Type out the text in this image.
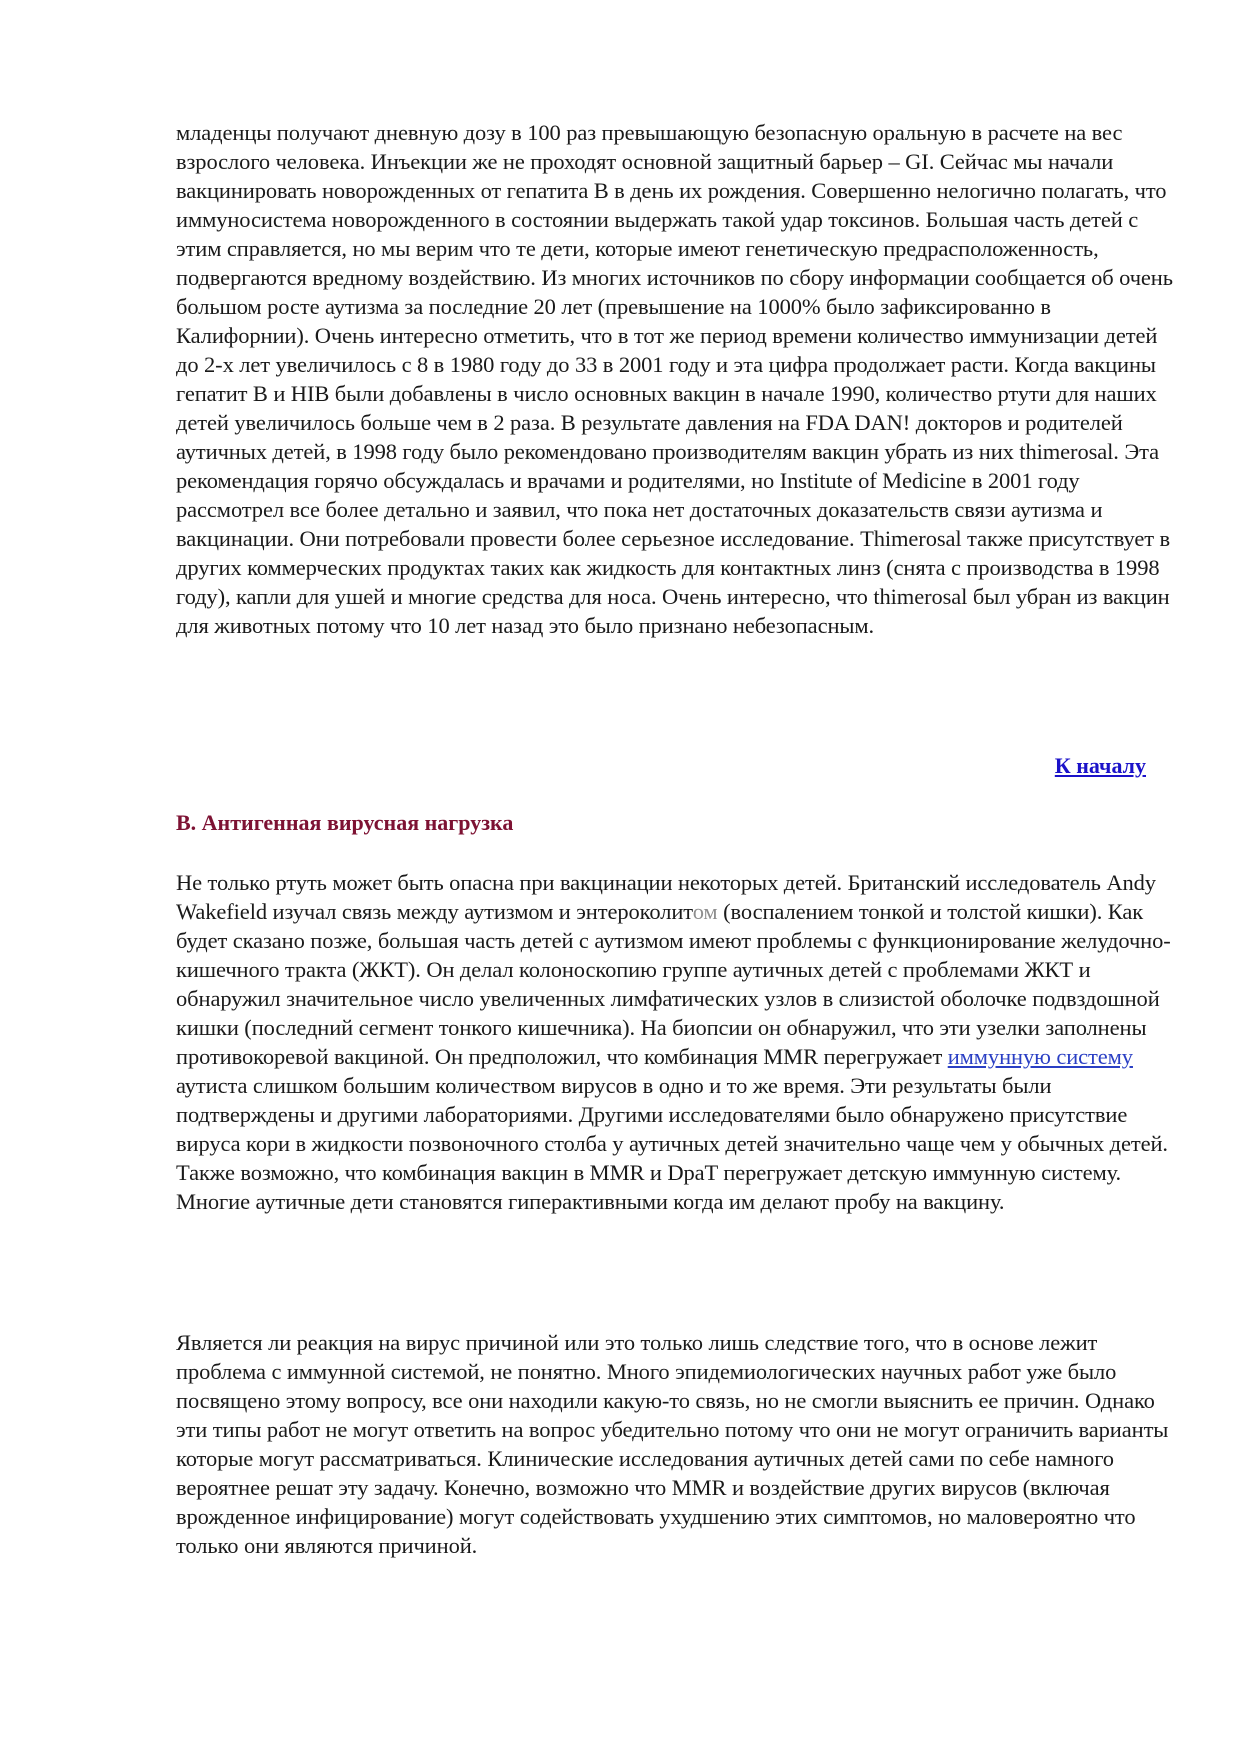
младенцы получают дневную дозу в 100 раз превышающую безопасную оральную в расчете на вес взрослого человека. Инъекции же не проходят основной защитный барьер – GI. Сейчас мы начали вакцинировать новорожденных от гепатита B в день их рождения. Совершенно нелогично полагать, что иммуносистема новорожденного в состоянии выдержать такой удар токсинов. Большая часть детей с этим справляется, но мы верим что те дети, которые имеют генетическую предрасположенность, подвергаются вредному воздействию. Из многих источников по сбору информации сообщается об очень большом росте аутизма за последние 20 лет (превышение на 1000% было зафиксированно в Калифорнии). Очень интересно отметить, что в тот же период времени количество иммунизации детей до 2-х лет увеличилось с 8 в 1980 году до 33 в 2001 году и эта цифра продолжает расти. Когда вакцины гепатит B и HIB были добавлены в число основных вакцин в начале 1990, количество ртути для наших детей увеличилось больше чем в 2 раза. В результате давления на FDA DAN! докторов и родителей аутичных детей, в 1998 году было рекомендовано производителям вакцин убрать из них thimerosal. Эта рекомендация горячо обсуждалась и врачами и родителями, но Institute of Medicine в 2001 году рассмотрел все более детально и заявил, что пока нет достаточных доказательств связи аутизма и вакцинации. Они потребовали провести более серьезное исследование. Thimerosal также присутствует в других коммерческих продуктах таких как жидкость для контактных линз (снята с производства в 1998 году), капли для ушей и многие средства для носа. Очень интересно, что thimerosal был убран из вакцин для животных потому что 10 лет назад это было признано небезопасным.

К началу
B. Антигенная вирусная нагрузка

Не только ртуть может быть опасна при вакцинации некоторых детей. Британский исследователь Andy Wakefield изучал связь между аутизмом и энтероколитом (воспалением тонкой и толстой кишки). Как будет сказано позже, большая часть детей с аутизмом имеют проблемы с функционирование желудочно-кишечного тракта (ЖКТ). Он делал колоноскопию группе аутичных детей с проблемами ЖКТ и обнаружил значительное число увеличенных лимфатических узлов в слизистой оболочке подвздошной кишки (последний сегмент тонкого кишечника). На биопсии он обнаружил, что эти узелки заполнены противокоревой вакциной. Он предположил, что комбинация MMR перегружает иммунную систему аутиста слишком большим количеством вирусов в одно и то же время. Эти результаты были подтверждены и другими лабораториями. Другими исследователями было обнаружено присутствие вируса кори в жидкости позвоночного столба у аутичных детей значительно чаще чем у обычных детей. Также возможно, что комбинация вакцин в MMR и DpaT перегружает детскую иммунную систему. Многие аутичные дети становятся гиперактивными когда им делают пробу на вакцину.

Является ли реакция на вирус причиной или это только лишь следствие того, что в основе лежит проблема с иммунной системой, не понятно. Много эпидемиологических научных работ уже было посвящено этому вопросу, все они находили какую-то связь, но не смогли выяснить ее причин. Однако эти типы работ не могут ответить на вопрос убедительно потому что они не могут ограничить варианты которые могут рассматриваться. Клинические исследования аутичных детей сами по себе намного вероятнее решат эту задачу. Конечно, возможно что MMR и воздействие других вирусов (включая врожденное инфицирование) могут содействовать ухудшению этих симптомов, но маловероятно что только они являются причиной.
